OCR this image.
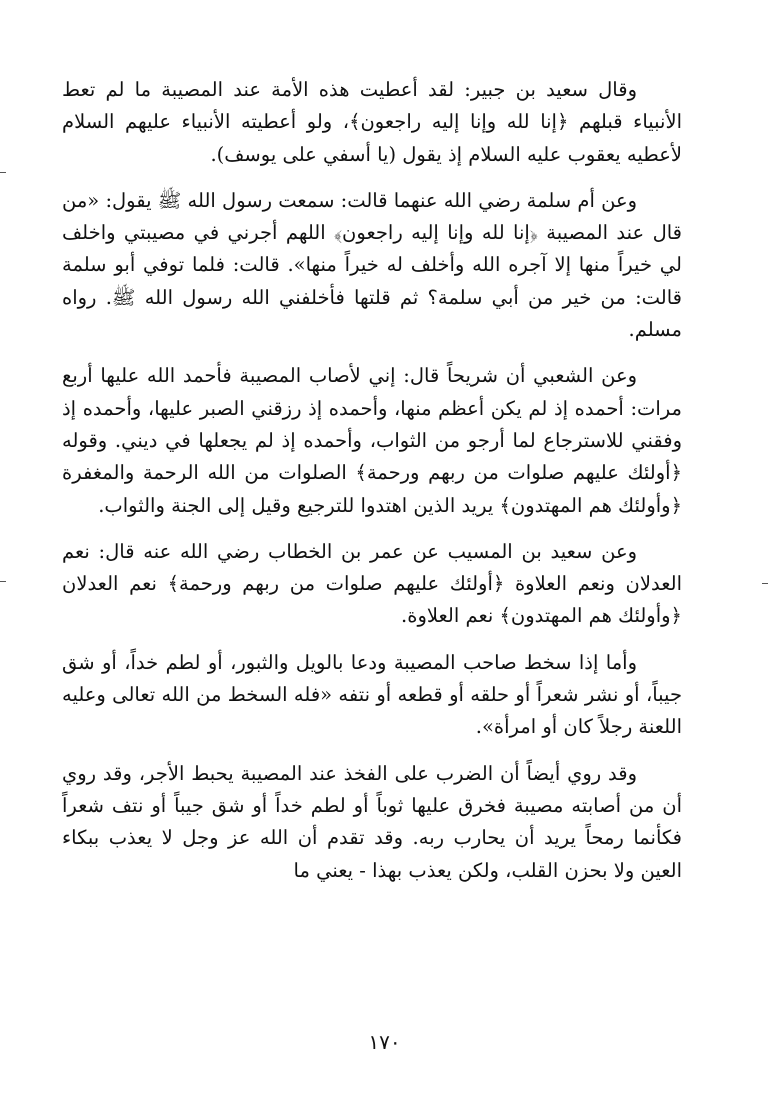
وقال سعيد بن جبير: لقد أعطيت هذه الأمة عند المصيبة ما لم تعط الأنبياء قبلهم ﴿إنا لله وإنا إليه راجعون﴾، ولو أعطيته الأنبياء عليهم السلام لأعطيه يعقوب عليه السلام إذ يقول (يا أسفي على يوسف).

وعن أم سلمة رضي الله عنهما قالت: سمعت رسول الله ﷺ يقول: «من قال عند المصيبة ﴿إنا لله وإنا إليه راجعون﴾ اللهم أجرني في مصيبتي واخلف لي خيراً منها إلا آجره الله وأخلف له خيراً منها». قالت: فلما توفي أبو سلمة قالت: من خير من أبي سلمة؟ ثم قلتها فأخلفني الله رسول الله ﷺ. رواه مسلم.

وعن الشعبي أن شريحاً قال: إني لأصاب المصيبة فأحمد الله عليها أربع مرات: أحمده إذ لم يكن أعظم منها، وأحمده إذ رزقني الصبر عليها، وأحمده إذ وفقني للاسترجاع لما أرجو من الثواب، وأحمده إذ لم يجعلها في ديني. وقوله ﴿أولئك عليهم صلوات من ربهم ورحمة﴾ الصلوات من الله الرحمة والمغفرة ﴿وأولئك هم المهتدون﴾ يريد الذين اهتدوا للترجيع وقيل إلى الجنة والثواب.

وعن سعيد بن المسيب عن عمر بن الخطاب رضي الله عنه قال: نعم العدلان ونعم العلاوة ﴿أولئك عليهم صلوات من ربهم ورحمة﴾ نعم العدلان ﴿وأولئك هم المهتدون﴾ نعم العلاوة.

وأما إذا سخط صاحب المصيبة ودعا بالويل والثبور، أو لطم خداً، أو شق جيباً، أو نشر شعراً أو حلقه أو قطعه أو نتفه «فله السخط من الله تعالى وعليه اللعنة رجلاً كان أو امرأة».

وقد روي أيضاً أن الضرب على الفخذ عند المصيبة يحبط الأجر، وقد روي أن من أصابته مصيبة فخرق عليها ثوباً أو لطم خداً أو شق جيباً أو نتف شعراً فكأنما رمحاً يريد أن يحارب ربه. وقد تقدم أن الله عز وجل لا يعذب ببكاء العين ولا بحزن القلب، ولكن يعذب بهذا - يعني ما

١٧٠
